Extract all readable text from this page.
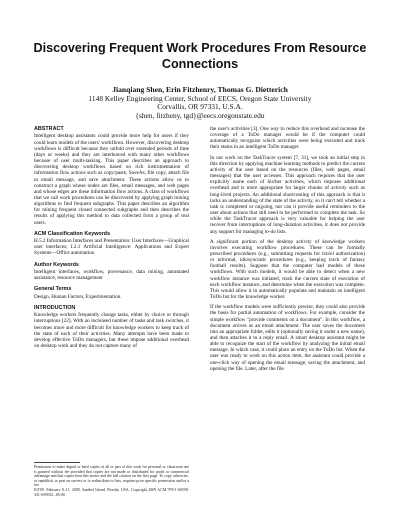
Discovering Frequent Work Procedures From Resource Connections
Jianqiang Shen, Erin Fitzhenry, Thomas G. Dietterich
1148 Kelley Engineering Center, School of EECS, Oregon State University
Corvallis, OR 97331, U.S.A.
{shen, fitzheny, tgd}@eecs.oregonstate.edu
ABSTRACT

Intelligent desktop assistants could provide more help for users if they could learn models of the users' workflows. However, discovering desktop workflows is difficult because they unfold over extended periods of time (days or weeks) and they are interleaved with many other workflows because of user multi-tasking. This paper describes an approach to discovering desktop workflows based on rich instrumentation of information flow actions such as copy/paste, SaveAs, file copy, attach file to email message, and save attachment. These actions allow us to construct a graph whose nodes are files, email messages, and web pages and whose edges are these information flow actions. A class of workflows that we call work procedures can be discovered by applying graph mining algorithms to find frequent subgraphs. This paper describes an algorithm for mining frequent closed connected subgraphs and then describes the results of applying this method to data collected from a group of real users.

ACM Classification Keywords

H.5.2 Information Interfaces and Presentation: User Interfaces—Graphical user interfaces; I.2.1 Artificial Intelligence: Applications and Expert Systems—Office automation

Author Keywords

Intelligent interfaces, workflow, provenance, data mining, automated assistance, resource management

General Terms

Design, Human Factors, Experimentation.

INTRODUCTION

Knowledge workers frequently change tasks, either by choice or through interruptions [22]. With an increased number of tasks and task switches, it becomes more and more difficult for knowledge workers to keep track of the state of each of their activities. Many attempts have been made to develop effective ToDo managers, but these impose additional overhead on desktop work and they do not capture many of

Permission to make digital or hard copies of all or part of this work for personal or classroom use is granted without fee provided that copies are not made or distributed for profit or commercial advantage and that copies bear this notice and the full citation on the first page. To copy otherwise, or republish, to post on servers or to redistribute to lists, requires prior specific permission and/or a fee.
IUI'09, February 8–11, 2009, Sanibel Island, Florida, USA. Copyright 2009 ACM 978-1-60558-331-0/09/02...$5.00.

the user's activities [3]. One way to reduce this overhead and increase the coverage of a ToDo manager would be if the computer could automatically recognize which activities were being executed and track their status in an intelligent ToDo manager.

In our work on the TaskTracer system [7, 31], we took an initial step in this direction by applying machine learning methods to predict the current activity of the user based on the resources (files, web pages, email messages) that the user accesses. This approach requires that the user explicitly name each of his/her activities, which imposes additional overhead and is more appropriate for larger chunks of activity such as long-lived projects. An additional shortcoming of this approach is that it lacks an understanding of the state of the activity, so it can't tell whether a task is completed or ongoing, nor can it provide useful reminders to the user about actions that still need to be performed to complete the task. So while the TaskTracer approach is very valuable for helping the user recover from interruptions of long-duration activities, it does not provide any support for managing to-do lists.

A significant portion of the desktop activity of knowledge workers involves executing workflow procedures. These can be formally prescribed procedures (e.g., submitting requests for travel authorization) or informal, idiosyncratic procedures (e.g., keeping track of fantasy football results). Suppose that the computer had models of these workflows. With such models, it would be able to detect when a new workflow instance was initiated, track the current state of execution of each workflow instance, and determine when the execution was complete. This would allow it to automatically populate and maintain an intelligent ToDo list for the knowledge worker.

If the workflow models were sufficiently precise, they could also provide the basis for partial automation of workflows. For example, consider the simple workflow "provide comments on a document". In this workflow, a document arrives as an email attachment. The user saves the document into an appropriate folder, edits it (optionally saving it under a new name), and then attaches it to a reply email. A smart desktop assistant might be able to recognize the start of the workflow by analyzing the initial email message. In which case, it could place an entry on the ToDo list. When the user was ready to work on this action item, the assistant could provide a one-click way of opening the email message, saving the attachment, and opening the file. Later, after the file
